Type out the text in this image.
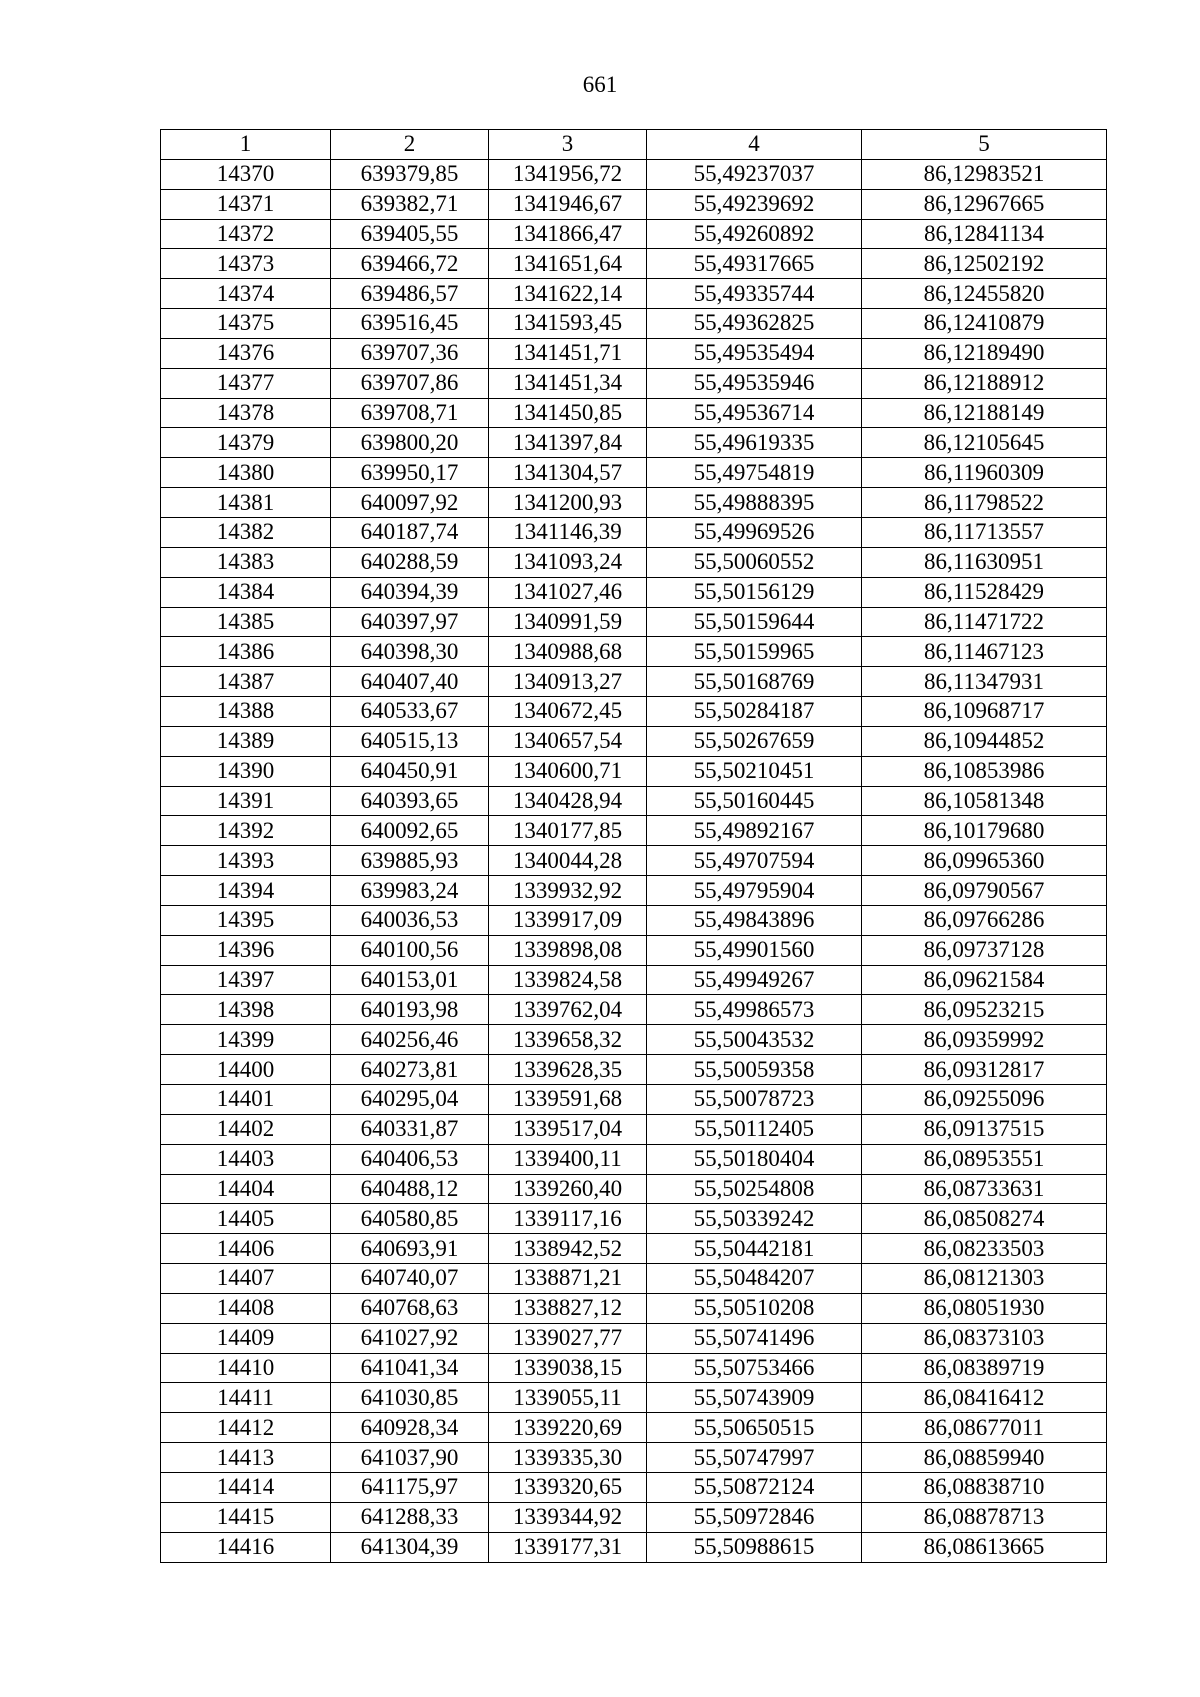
661
1	2	3	4	5
14370	639379,85	1341956,72	55,49237037	86,12983521
14371	639382,71	1341946,67	55,49239692	86,12967665
14372	639405,55	1341866,47	55,49260892	86,12841134
14373	639466,72	1341651,64	55,49317665	86,12502192
14374	639486,57	1341622,14	55,49335744	86,12455820
14375	639516,45	1341593,45	55,49362825	86,12410879
14376	639707,36	1341451,71	55,49535494	86,12189490
14377	639707,86	1341451,34	55,49535946	86,12188912
14378	639708,71	1341450,85	55,49536714	86,12188149
14379	639800,20	1341397,84	55,49619335	86,12105645
14380	639950,17	1341304,57	55,49754819	86,11960309
14381	640097,92	1341200,93	55,49888395	86,11798522
14382	640187,74	1341146,39	55,49969526	86,11713557
14383	640288,59	1341093,24	55,50060552	86,11630951
14384	640394,39	1341027,46	55,50156129	86,11528429
14385	640397,97	1340991,59	55,50159644	86,11471722
14386	640398,30	1340988,68	55,50159965	86,11467123
14387	640407,40	1340913,27	55,50168769	86,11347931
14388	640533,67	1340672,45	55,50284187	86,10968717
14389	640515,13	1340657,54	55,50267659	86,10944852
14390	640450,91	1340600,71	55,50210451	86,10853986
14391	640393,65	1340428,94	55,50160445	86,10581348
14392	640092,65	1340177,85	55,49892167	86,10179680
14393	639885,93	1340044,28	55,49707594	86,09965360
14394	639983,24	1339932,92	55,49795904	86,09790567
14395	640036,53	1339917,09	55,49843896	86,09766286
14396	640100,56	1339898,08	55,49901560	86,09737128
14397	640153,01	1339824,58	55,49949267	86,09621584
14398	640193,98	1339762,04	55,49986573	86,09523215
14399	640256,46	1339658,32	55,50043532	86,09359992
14400	640273,81	1339628,35	55,50059358	86,09312817
14401	640295,04	1339591,68	55,50078723	86,09255096
14402	640331,87	1339517,04	55,50112405	86,09137515
14403	640406,53	1339400,11	55,50180404	86,08953551
14404	640488,12	1339260,40	55,50254808	86,08733631
14405	640580,85	1339117,16	55,50339242	86,08508274
14406	640693,91	1338942,52	55,50442181	86,08233503
14407	640740,07	1338871,21	55,50484207	86,08121303
14408	640768,63	1338827,12	55,50510208	86,08051930
14409	641027,92	1339027,77	55,50741496	86,08373103
14410	641041,34	1339038,15	55,50753466	86,08389719
14411	641030,85	1339055,11	55,50743909	86,08416412
14412	640928,34	1339220,69	55,50650515	86,08677011
14413	641037,90	1339335,30	55,50747997	86,08859940
14414	641175,97	1339320,65	55,50872124	86,08838710
14415	641288,33	1339344,92	55,50972846	86,08878713
14416	641304,39	1339177,31	55,50988615	86,08613665
